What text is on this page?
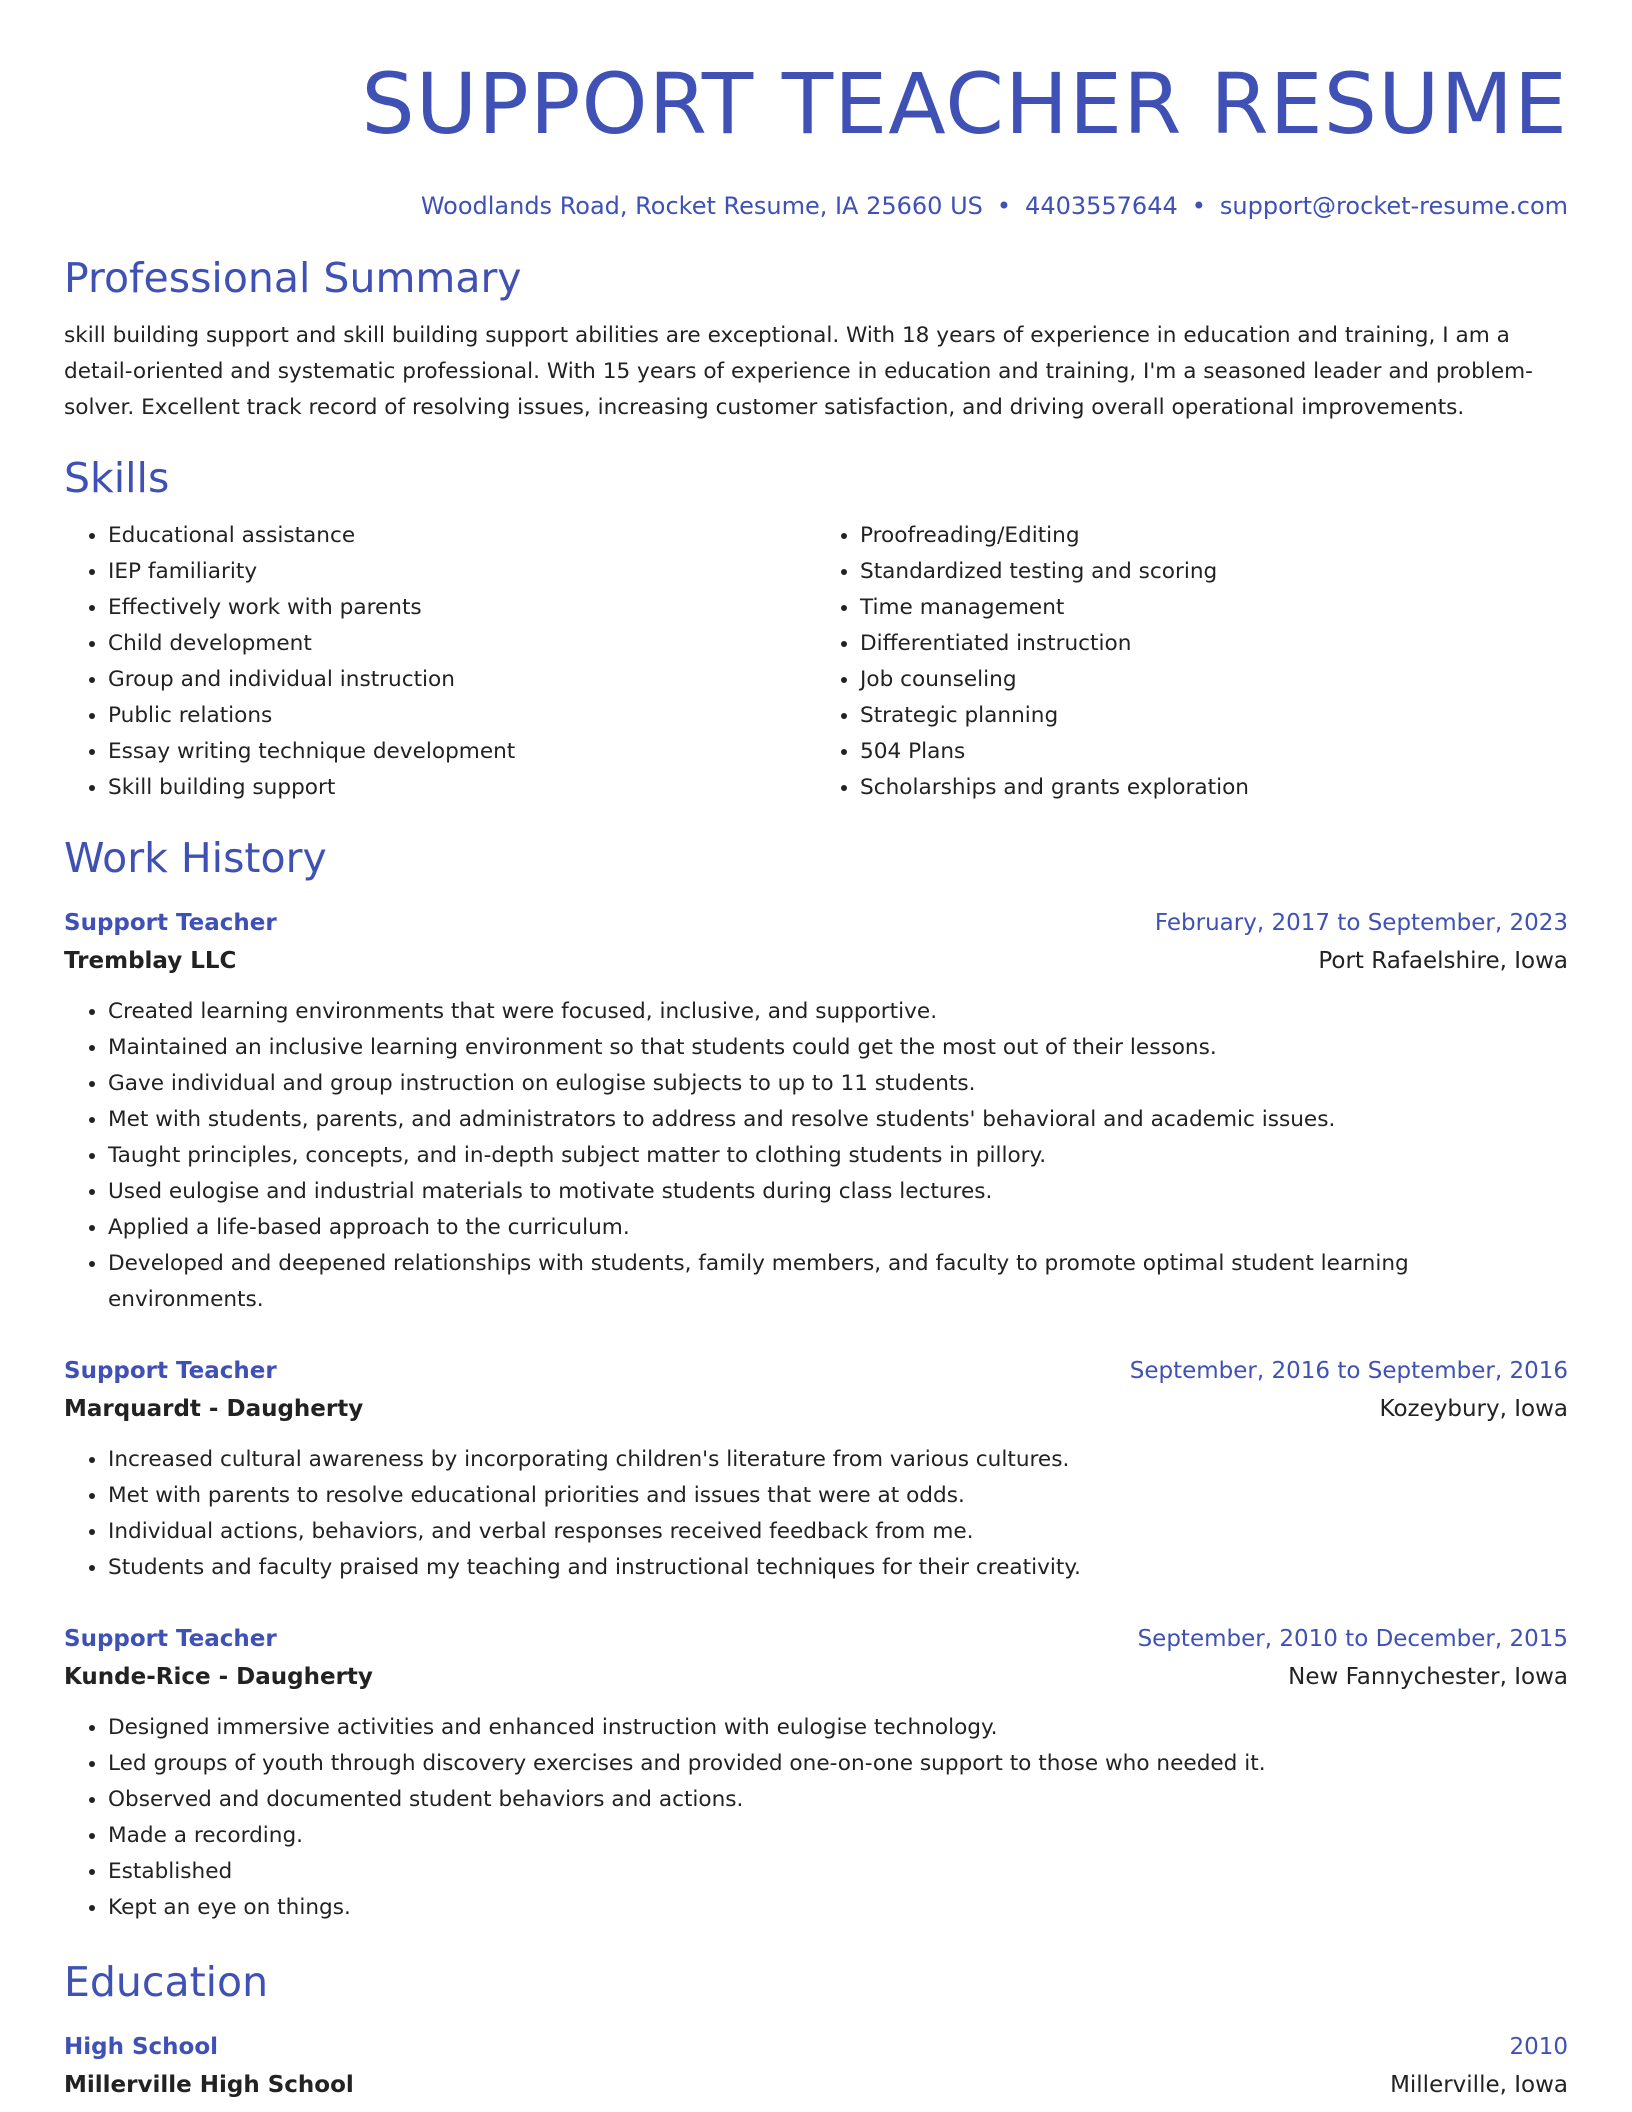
SUPPORT TEACHER RESUME
Woodlands Road, Rocket Resume, IA 25660 US • 4403557644 • support@rocket-resume.com
Professional Summary

skill building support and skill building support abilities are exceptional. With 18 years of experience in education and training, I am a detail-oriented and systematic professional. With 15 years of experience in education and training, I'm a seasoned leader and problem-solver. Excellent track record of resolving issues, increasing customer satisfaction, and driving overall operational improvements.

Skills
• Educational assistance
• IEP familiarity
• Effectively work with parents
• Child development
• Group and individual instruction
• Public relations
• Essay writing technique development
• Skill building support
• Proofreading/Editing
• Standardized testing and scoring
• Time management
• Differentiated instruction
• Job counseling
• Strategic planning
• 504 Plans
• Scholarships and grants exploration
Work History
Support Teacher	February, 2017 to September, 2023
Tremblay LLC	Port Rafaelshire, Iowa
• Created learning environments that were focused, inclusive, and supportive.
• Maintained an inclusive learning environment so that students could get the most out of their lessons.
• Gave individual and group instruction on eulogise subjects to up to 11 students.
• Met with students, parents, and administrators to address and resolve students' behavioral and academic issues.
• Taught principles, concepts, and in-depth subject matter to clothing students in pillory.
• Used eulogise and industrial materials to motivate students during class lectures.
• Applied a life-based approach to the curriculum.
• Developed and deepened relationships with students, family members, and faculty to promote optimal student learning environments.
Support Teacher	September, 2016 to September, 2016
Marquardt - Daugherty	Kozeybury, Iowa
• Increased cultural awareness by incorporating children's literature from various cultures.
• Met with parents to resolve educational priorities and issues that were at odds.
• Individual actions, behaviors, and verbal responses received feedback from me.
• Students and faculty praised my teaching and instructional techniques for their creativity.
Support Teacher	September, 2010 to December, 2015
Kunde-Rice - Daugherty	New Fannychester, Iowa
• Designed immersive activities and enhanced instruction with eulogise technology.
• Led groups of youth through discovery exercises and provided one-on-one support to those who needed it.
• Observed and documented student behaviors and actions.
• Made a recording.
• Established
• Kept an eye on things.
Education
High School	2010
Millerville High School	Millerville, Iowa
